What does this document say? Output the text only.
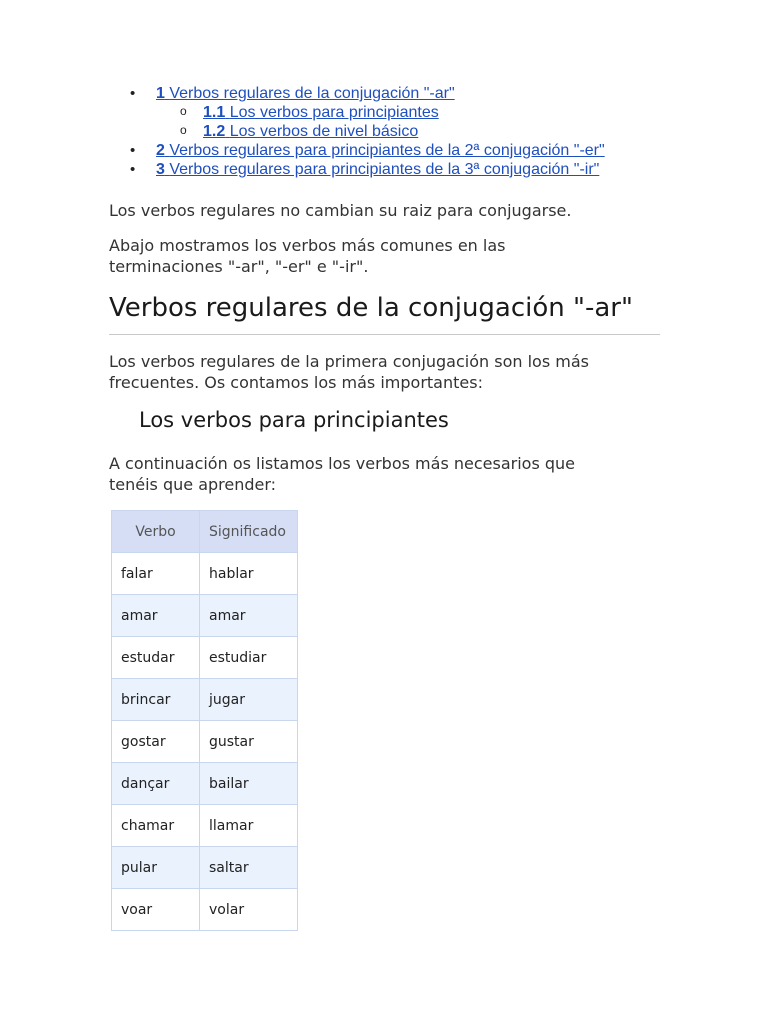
• 1 Verbos regulares de la conjugación "-ar"
o 1.1 Los verbos para principiantes
o 1.2 Los verbos de nivel básico
• 2 Verbos regulares para principiantes de la 2ª conjugación "-er"
• 3 Verbos regulares para principiantes de la 3ª conjugación "-ir"

Los verbos regulares no cambian su raiz para conjugarse.

Abajo mostramos los verbos más comunes en las
terminaciones "-ar", "-er" e "-ir".

Verbos regulares de la conjugación "-ar"

Los verbos regulares de la primera conjugación son los más
frecuentes. Os contamos los más importantes:

Los verbos para principiantes

A continuación os listamos los verbos más necesarios que
tenéis que aprender:

Verbo	Significado
falar	hablar
amar	amar
estudar	estudiar
brincar	jugar
gostar	gustar
dançar	bailar
chamar	llamar
pular	saltar
voar	volar
